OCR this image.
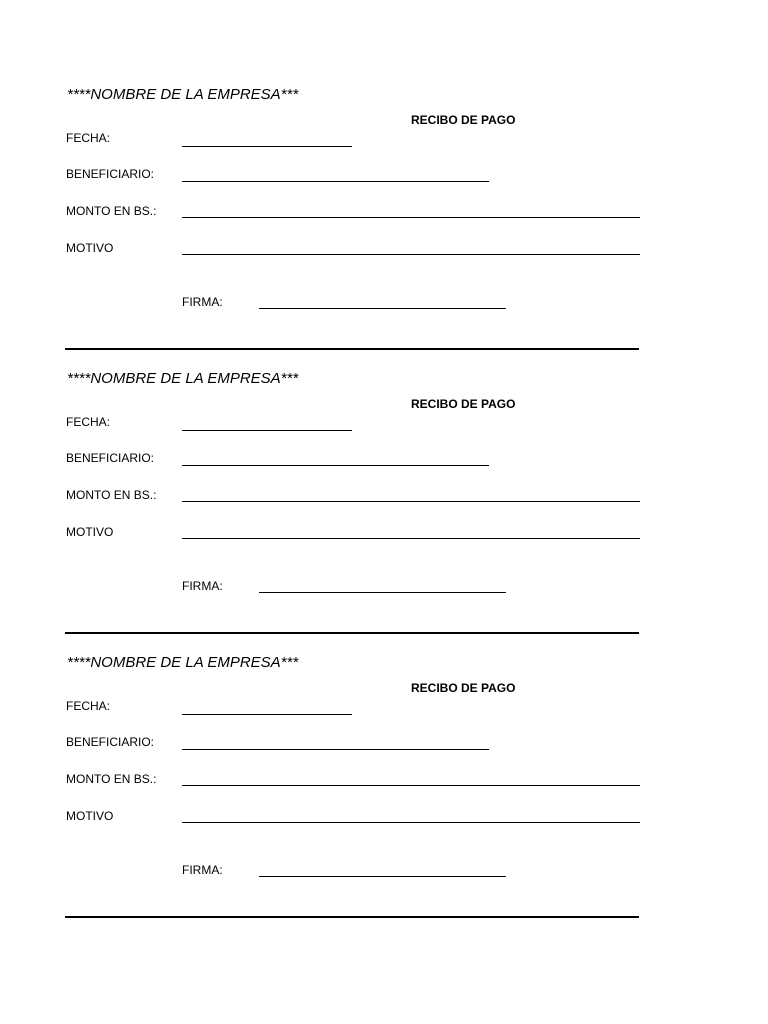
****NOMBRE DE LA EMPRESA***
RECIBO DE PAGO
FECHA:
BENEFICIARIO:
MONTO EN BS.:
MOTIVO
FIRMA:
****NOMBRE DE LA EMPRESA***
RECIBO DE PAGO
FECHA:
BENEFICIARIO:
MONTO EN BS.:
MOTIVO
FIRMA:
****NOMBRE DE LA EMPRESA***
RECIBO DE PAGO
FECHA:
BENEFICIARIO:
MONTO EN BS.:
MOTIVO
FIRMA:
